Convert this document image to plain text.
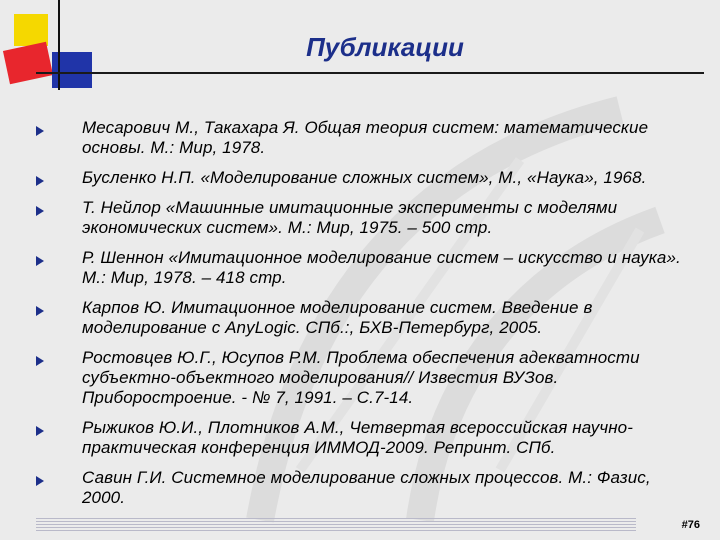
Публикации
Месарович М., Такахара Я. Общая теория систем: математические основы. М.: Мир, 1978.
Бусленко Н.П. «Моделирование сложных систем», М., «Наука», 1968.
Т. Нейлор «Машинные имитационные эксперименты с моделями экономических систем». М.: Мир, 1975. – 500 стр.
Р. Шеннон «Имитационное моделирование систем – искусство и наука». М.: Мир, 1978. – 418 стр.
Карпов Ю. Имитационное моделирование систем. Введение в моделирование с AnyLogic. СПб.:, БХВ-Петербург, 2005.
Ростовцев Ю.Г., Юсупов Р.М. Проблема обеспечения адекватности субъектно-объектного моделирования// Известия ВУЗов. Приборостроение. - № 7, 1991. – С.7-14.
Рыжиков Ю.И., Плотников А.М., Четвертая всероссийская научно-практическая конференция ИММОД-2009. Репринт. СПб.
Савин Г.И. Системное моделирование сложных процессов. М.: Фазис, 2000.
#76
